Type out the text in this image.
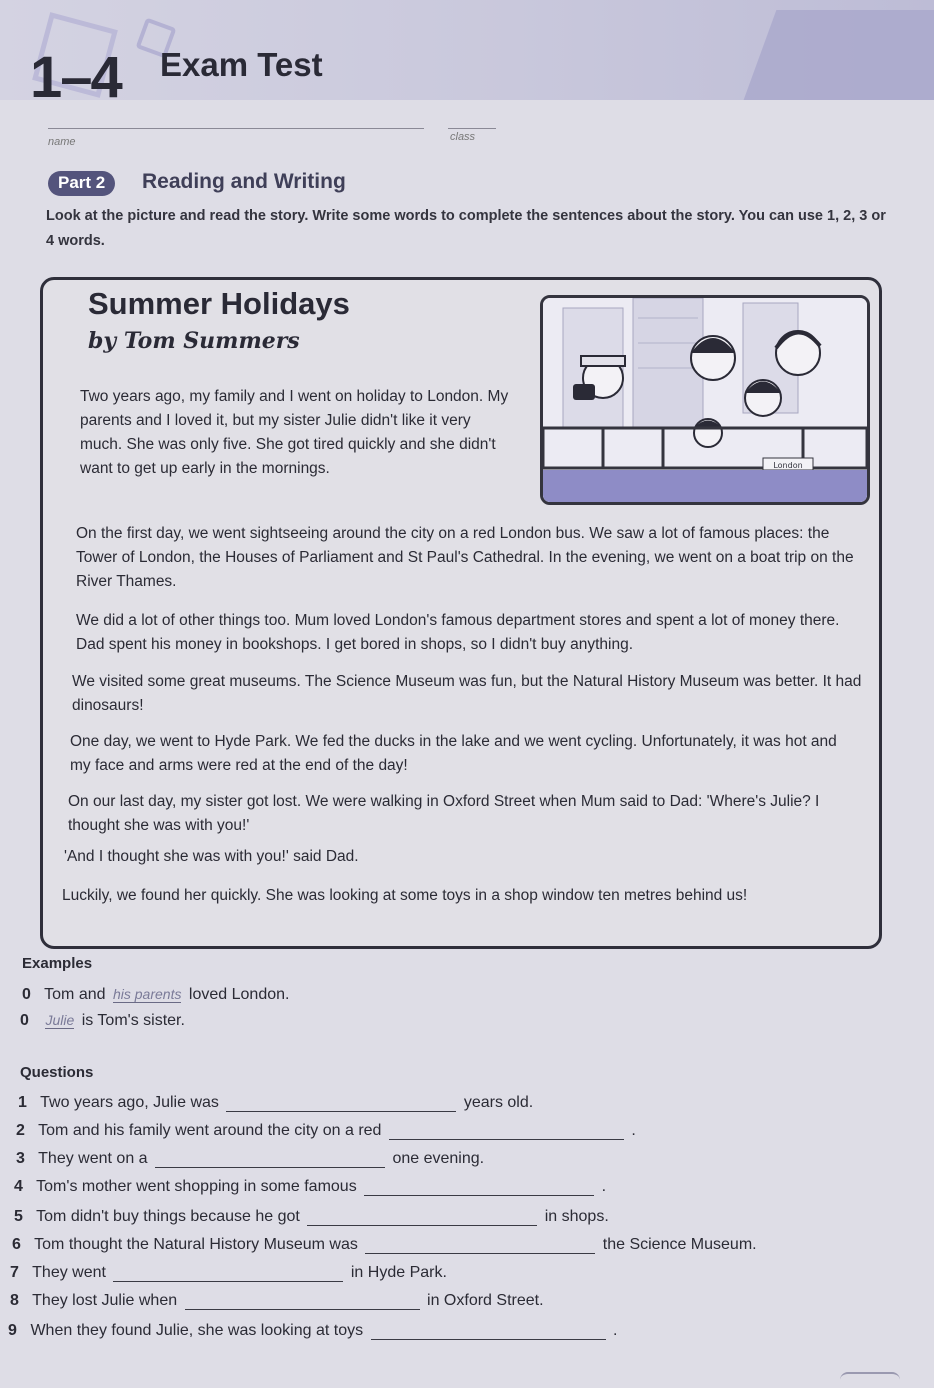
1–4 Exam Test
name	class
Part 2	Reading and Writing
Look at the picture and read the story. Write some words to complete the sentences about the story. You can use 1, 2, 3 or 4 words.
Summer Holidays
by Tom Summers
London

Two years ago, my family and I went on holiday to London. My parents and I loved it, but my sister Julie didn't like it very much. She was only five. She got tired quickly and she didn't want to get up early in the mornings.

On the first day, we went sightseeing around the city on a red London bus. We saw a lot of famous places: the Tower of London, the Houses of Parliament and St Paul's Cathedral. In the evening, we went on a boat trip on the River Thames.

We did a lot of other things too. Mum loved London's famous department stores and spent a lot of money there. Dad spent his money in bookshops. I get bored in shops, so I didn't buy anything.

We visited some great museums. The Science Museum was fun, but the Natural History Museum was better. It had dinosaurs!

One day, we went to Hyde Park. We fed the ducks in the lake and we went cycling. Unfortunately, it was hot and my face and arms were red at the end of the day!

On our last day, my sister got lost. We were walking in Oxford Street when Mum said to Dad: 'Where's Julie? I thought she was with you!'

'And I thought she was with you!' said Dad.

Luckily, we found her quickly. She was looking at some toys in a shop window ten metres behind us!

Examples
0 Tom and his parents loved London.
0 Julie is Tom's sister.
Questions
1 Two years ago, Julie was	years old.
2 Tom and his family went around the city on a red	.
3 They went on a	one evening.
4 Tom's mother went shopping in some famous	.
5 Tom didn't buy things because he got	in shops.
6 Tom thought the Natural History Museum was	the Science Museum.
7 They went	in Hyde Park.
8 They lost Julie when	in Oxford Street.
9 When they found Julie, she was looking at toys	.
